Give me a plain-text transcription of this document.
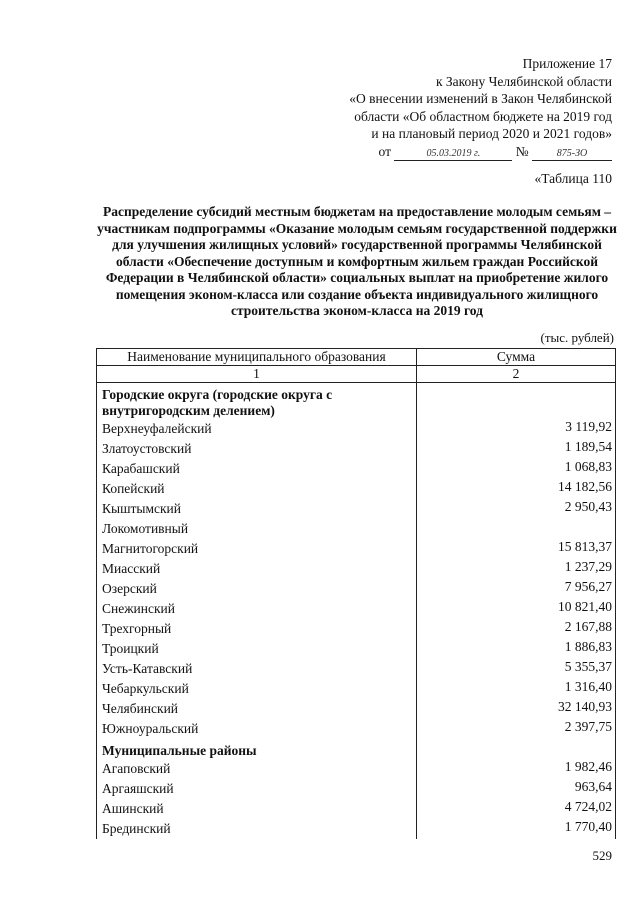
Приложение 17
к Закону Челябинской области
«О внесении изменений в Закон Челябинской
области «Об областном бюджете на 2019 год
и на плановый период 2020 и 2021 годов»
от	05.03.2019 г.	№	875-ЗО
«Таблица 110
Распределение субсидий местным бюджетам на предоставление молодым семьям – участникам подпрограммы «Оказание молодым семьям государственной поддержки для улучшения жилищных условий» государственной программы Челябинской области «Обеспечение доступным и комфортным жильем граждан Российской Федерации в Челябинской области» социальных выплат на приобретение жилого помещения эконом-класса или создание объекта индивидуального жилищного строительства эконом-класса на 2019 год
(тыс. рублей)
Наименование муниципального образования	Сумма
1	2
Городские округа (городские округа с внутригородским делением)	
Верхнеуфалейский	3 119,92
Златоустовский	1 189,54
Карабашский	1 068,83
Копейский	14 182,56
Кыштымский	2 950,43
Локомотивный	
Магнитогорский	15 813,37
Миасский	1 237,29
Озерский	7 956,27
Снежинский	10 821,40
Трехгорный	2 167,88
Троицкий	1 886,83
Усть-Катавский	5 355,37
Чебаркульский	1 316,40
Челябинский	32 140,93
Южноуральский	2 397,75
Муниципальные районы	
Агаповский	1 982,46
Аргаяшский	963,64
Ашинский	4 724,02
Брединский	1 770,40
529
